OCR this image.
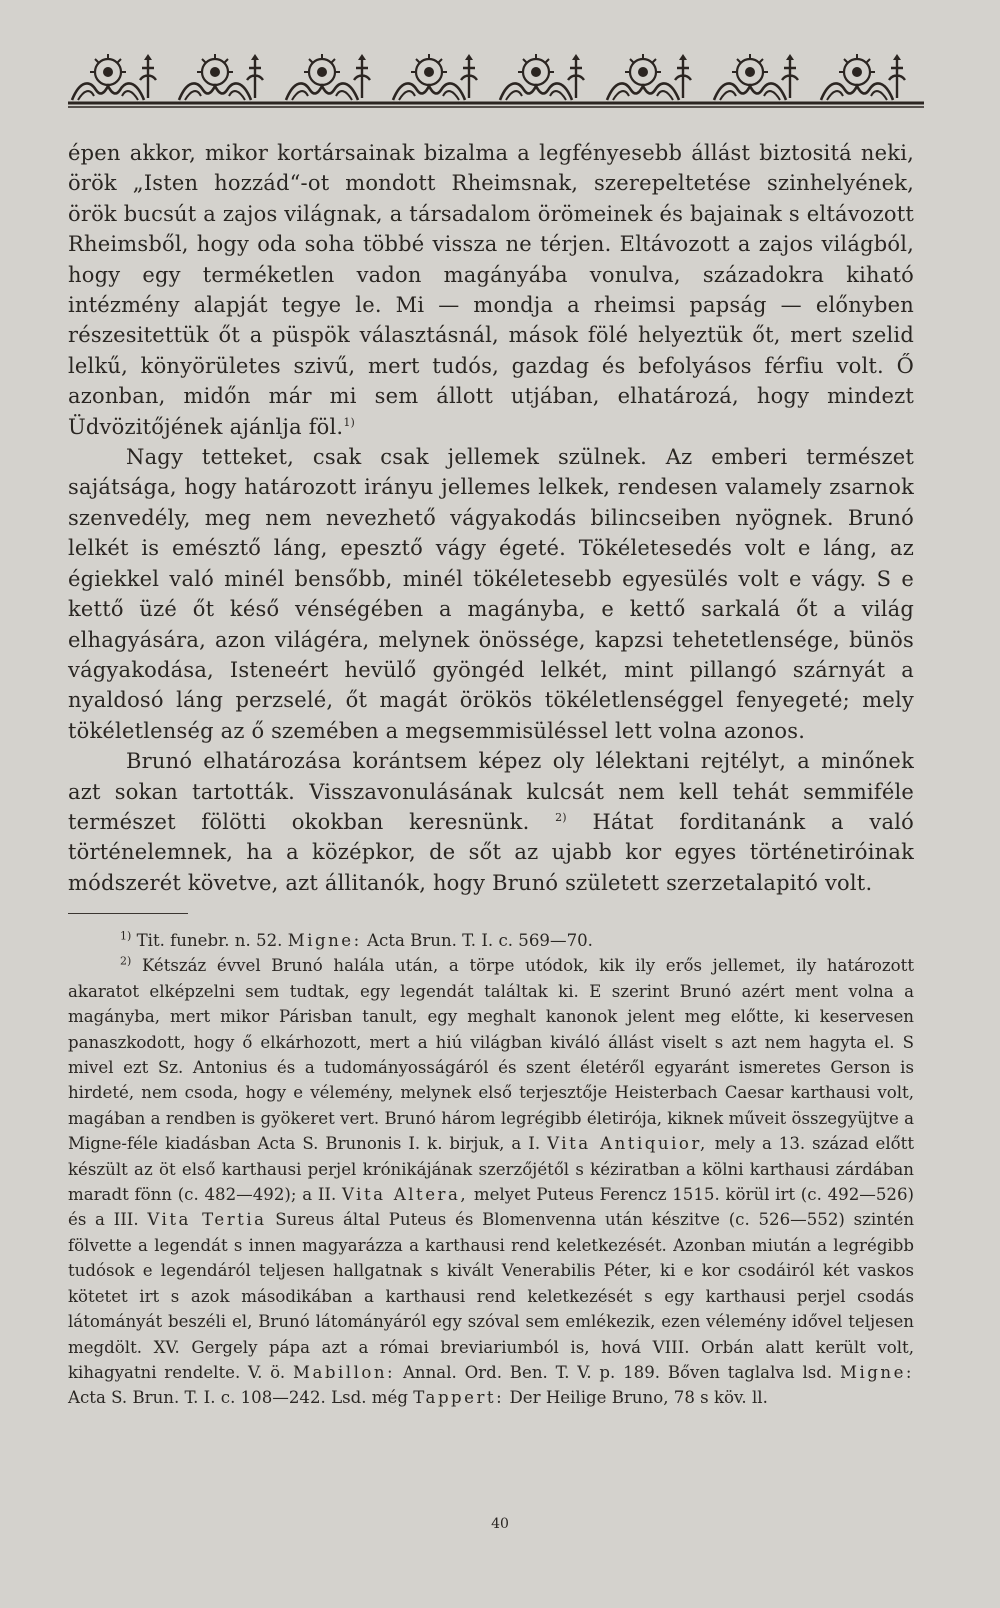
épen akkor, mikor kortársainak bizalma a legfényesebb állást biztositá neki, örök „Isten hozzád“-ot mondott Rheimsnak, szerepeltetése szinhelyének, örök bucsút a zajos világnak, a társadalom örömeinek és bajainak s eltávozott Rheimsből, hogy oda soha többé vissza ne térjen. Eltávozott a zajos világból, hogy egy terméketlen vadon magányába vonulva, századokra kiható intézmény alapját tegye le. Mi — mondja a rheimsi papság — előnyben részesitettük őt a püspök választásnál, mások fölé helyeztük őt, mert szelid lelkű, könyörületes szivű, mert tudós, gazdag és befolyásos férfiu volt. Ő azonban, midőn már mi sem állott utjában, elhatározá, hogy mindezt Üdvözitőjének ajánlja föl.$^{1)}$

Nagy tetteket, csak csak jellemek szülnek. Az emberi természet sajátsága, hogy határozott irányu jellemes lelkek, rendesen valamely zsarnok szenvedély, meg nem nevezhető vágyakodás bilincseiben nyögnek. Brunó lelkét is emésztő láng, epesztő vágy égeté. Tökéletesedés volt e láng, az égiekkel való minél bensőbb, minél tökéletesebb egyesülés volt e vágy. S e kettő üzé őt késő vénségében a magányba, e kettő sarkalá őt a világ elhagyására, azon világéra, melynek önössége, kapzsi tehetetlensége, bünös vágyakodása, Isteneért hevülő gyöngéd lelkét, mint pillangó szárnyát a nyaldosó láng perzselé, őt magát örökös tökéletlenséggel fenyegeté; mely tökéletlenség az ő szemében a megsemmisüléssel lett volna azonos.

Brunó elhatározása korántsem képez oly lélektani rejtélyt, a minőnek azt sokan tartották. Visszavonulásának kulcsát nem kell tehát semmiféle természet fölötti okokban keresnünk. $^{2)}$ Hátat forditanánk a való történelemnek, ha a középkor, de sőt az ujabb kor egyes történetiróinak módszerét követve, azt állitanók, hogy Brunó született szerzetalapitó volt.

$^{1)}$ Tit. funebr. n. 52. Migne: Acta Brun. T. I. c. 569—70.

$^{2)}$ Kétszáz évvel Brunó halála után, a törpe utódok, kik ily erős jellemet, ily határozott akaratot elképzelni sem tudtak, egy legendát találtak ki. E szerint Brunó azért ment volna a magányba, mert mikor Párisban tanult, egy meghalt kanonok jelent meg előtte, ki keservesen panaszkodott, hogy ő elkárhozott, mert a hiú világban kiváló állást viselt s azt nem hagyta el. S mivel ezt Sz. Antonius és a tudományosságáról és szent életéről egyaránt ismeretes Gerson is hirdeté, nem csoda, hogy e vélemény, melynek első terjesztője Heisterbach Caesar karthausi volt, magában a rendben is gyökeret vert. Brunó három legrégibb életirója, kiknek műveit összegyüjtve a Migne-féle kiadásban Acta S. Brunonis I. k. birjuk, a I. Vita Antiquior, mely a 13. század előtt készült az öt első karthausi perjel krónikájának szerzőjétől s kéziratban a kölni karthausi zárdában maradt fönn (c. 482—492); a II. Vita Altera, melyet Puteus Ferencz 1515. körül irt (c. 492—526) és a III. Vita Tertia Sureus által Puteus és Blomenvenna után készitve (c. 526—552) szintén fölvette a legendát s innen magyarázza a karthausi rend keletkezését. Azonban miután a legrégibb tudósok e legendáról teljesen hallgatnak s kivált Venerabilis Péter, ki e kor csodáiról két vaskos kötetet irt s azok másodikában a karthausi rend keletkezését s egy karthausi perjel csodás látományát beszéli el, Brunó látományáról egy szóval sem emlékezik, ezen vélemény idővel teljesen megdölt. XV. Gergely pápa azt a római breviariumból is, hová VIII. Orbán alatt került volt, kihagyatni rendelte. V. ö. Mabillon: Annal. Ord. Ben. T. V. p. 189. Bőven taglalva lsd. Migne: Acta S. Brun. T. I. c. 108—242. Lsd. még Tappert: Der Heilige Bruno, 78 s köv. ll.

40
